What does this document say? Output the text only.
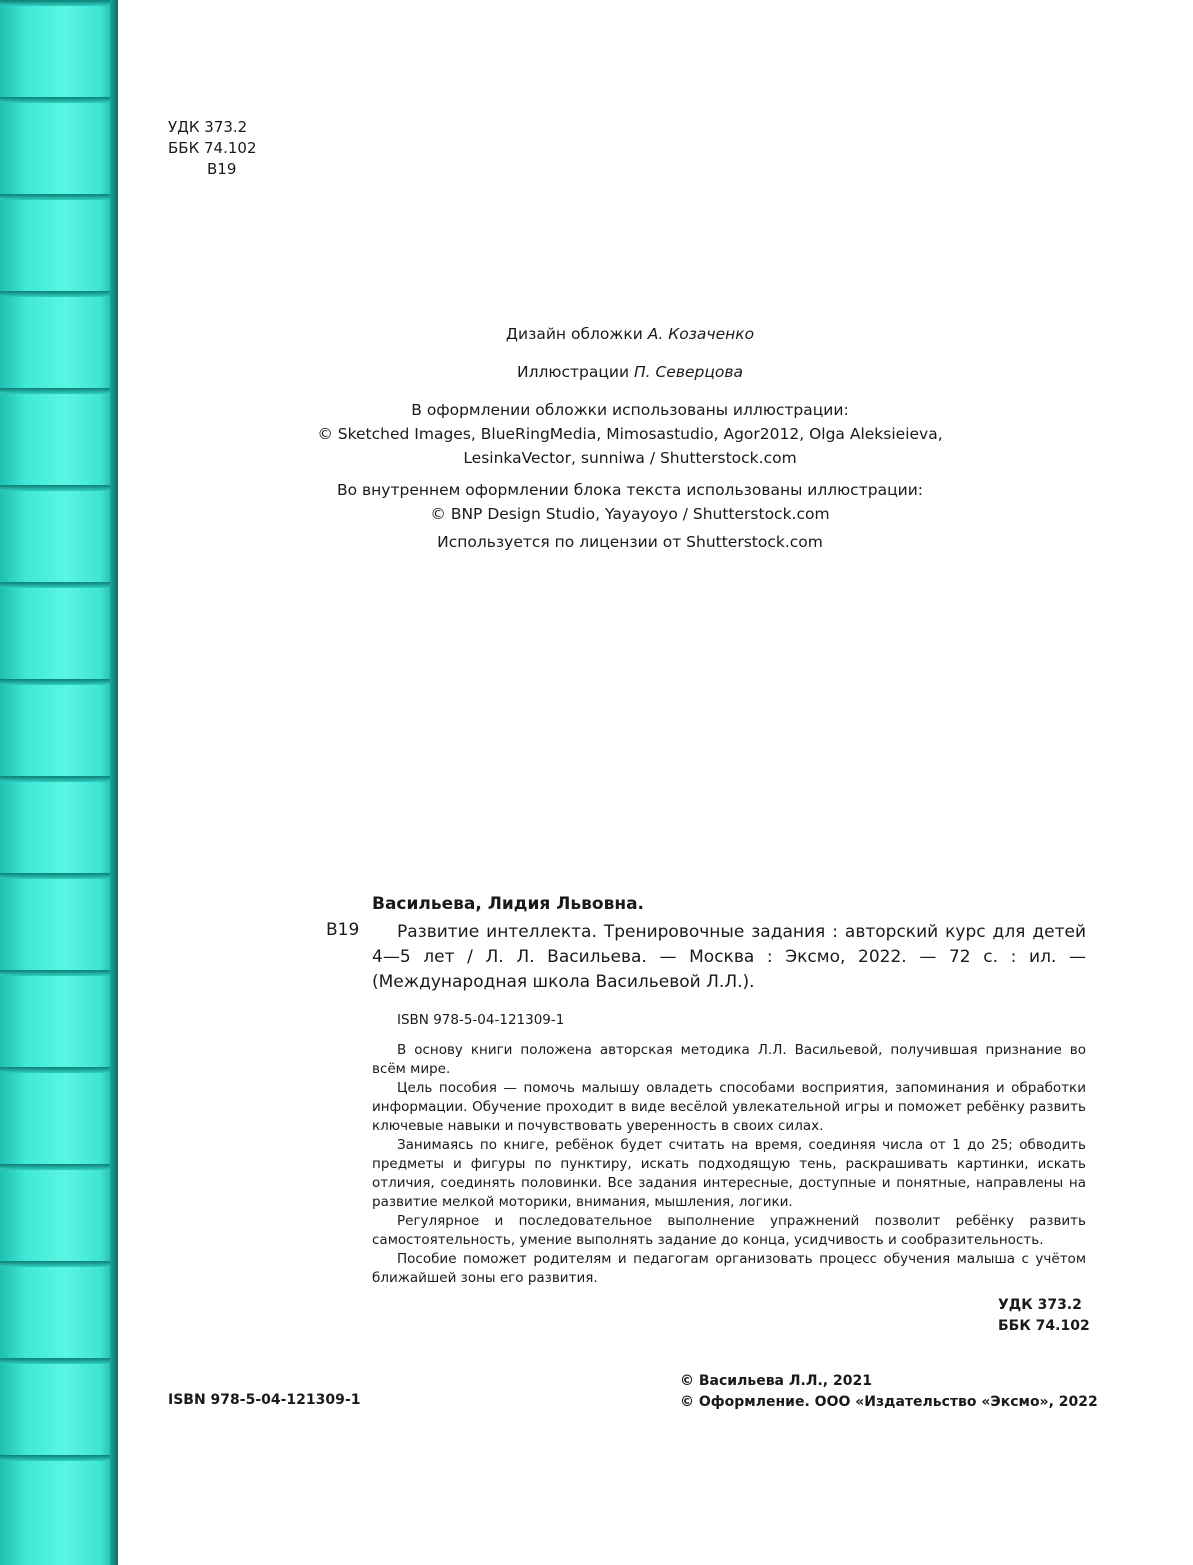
УДК 373.2
ББК 74.102
В19

Дизайн обложки А. Козаченко

Иллюстрации П. Северцова

В оформлении обложки использованы иллюстрации:

© Sketched Images, BlueRingMedia, Mimosastudio, Agor2012, Olga Aleksieieva,

LesinkaVector, sunniwa / Shutterstock.com

Во внутреннем оформлении блока текста использованы иллюстрации:

© BNP Design Studio, Yayayoyo / Shutterstock.com

Используется по лицензии от Shutterstock.com

Васильева, Лидия Львовна.
В19	Развитие интеллекта. Тренировочные задания : авторский курс для детей 4—5 лет / Л. Л. Васильева. — Москва : Эксмо, 2022. — 72 с. : ил. — (Международная школа Васильевой Л.Л.).

ISBN 978-5-04-121309-1

В основу книги положена авторская методика Л.Л. Васильевой, получившая признание во всём мире.

Цель пособия — помочь малышу овладеть способами восприятия, запоминания и обработки информации. Обучение проходит в виде весёлой увлекательной игры и поможет ребёнку развить ключевые навыки и почувствовать уверенность в своих силах.

Занимаясь по книге, ребёнок будет считать на время, соединяя числа от 1 до 25; обводить предметы и фигуры по пунктиру, искать подходящую тень, раскрашивать картинки, искать отличия, соединять половинки. Все задания интересные, доступные и понятные, направлены на развитие мелкой моторики, внимания, мышления, логики.

Регулярное и последовательное выполнение упражнений позволит ребёнку развить самостоятельность, умение выполнять задание до конца, усидчивость и сообразительность.

Пособие поможет родителям и педагогам организовать процесс обучения малыша с учётом ближайшей зоны его развития.

УДК 373.2
ББК 74.102
ISBN 978-5-04-121309-1
© Васильева Л.Л., 2021
© Оформление. ООО «Издательство «Эксмо», 2022
